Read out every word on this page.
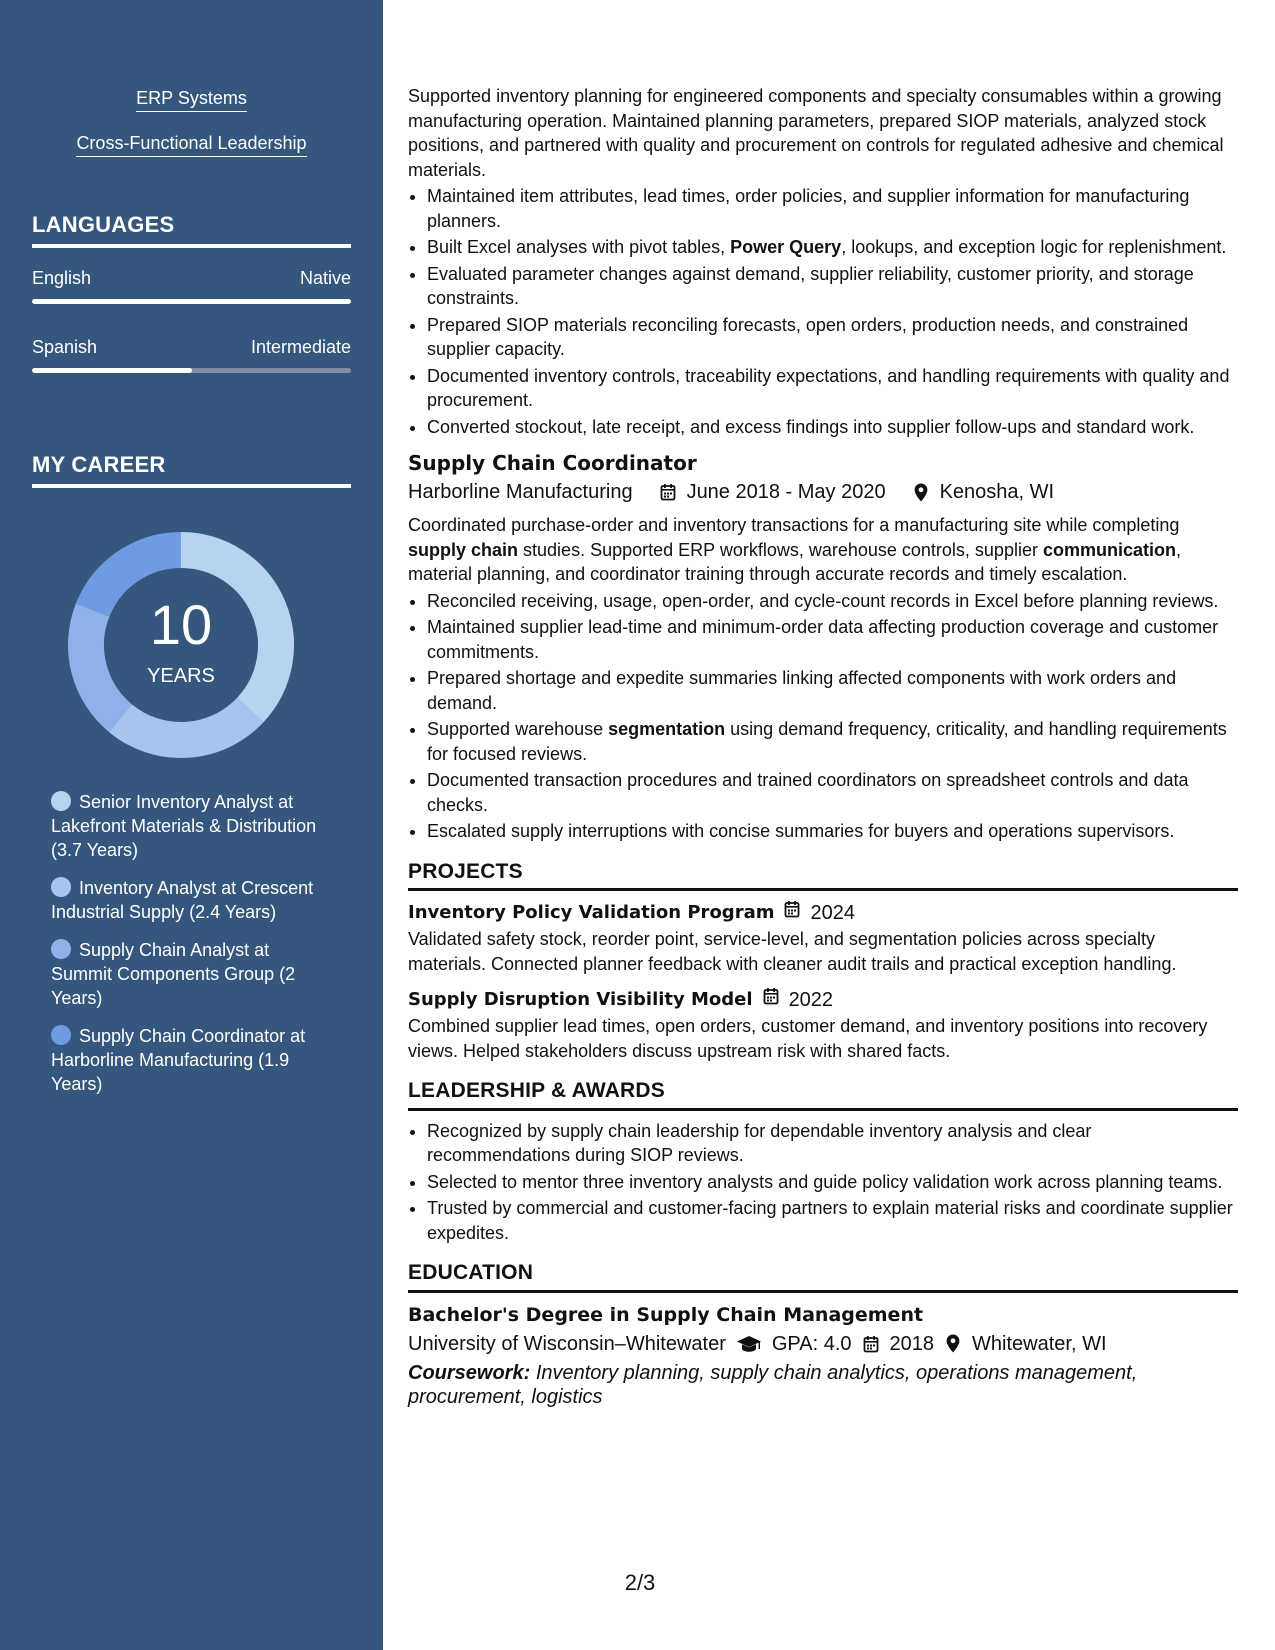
ERP Systems
Cross-Functional Leadership
LANGUAGES
English	Native
Spanish	Intermediate
MY CAREER
10
YEARS
Senior Inventory Analyst at Lakefront Materials & Distribution (3.7 Years)
Inventory Analyst at Crescent Industrial Supply (2.4 Years)
Supply Chain Analyst at Summit Components Group (2 Years)
Supply Chain Coordinator at Harborline Manufacturing (1.9 Years)

Supported inventory planning for engineered components and specialty consumables within a growing manufacturing operation. Maintained planning parameters, prepared SIOP materials, analyzed stock positions, and partnered with quality and procurement on controls for regulated adhesive and chemical materials.

• Maintained item attributes, lead times, order policies, and supplier information for manufacturing planners.
• Built Excel analyses with pivot tables, Power Query, lookups, and exception logic for replenishment.
• Evaluated parameter changes against demand, supplier reliability, customer priority, and storage constraints.
• Prepared SIOP materials reconciling forecasts, open orders, production needs, and constrained supplier capacity.
• Documented inventory controls, traceability expectations, and handling requirements with quality and procurement.
• Converted stockout, late receipt, and excess findings into supplier follow-ups and standard work.
Supply Chain Coordinator
Harborline Manufacturing	June 2018 - May 2020	Kenosha, WI

Coordinated purchase-order and inventory transactions for a manufacturing site while completing supply chain studies. Supported ERP workflows, warehouse controls, supplier communication, material planning, and coordinator training through accurate records and timely escalation.

• Reconciled receiving, usage, open-order, and cycle-count records in Excel before planning reviews.
• Maintained supplier lead-time and minimum-order data affecting production coverage and customer commitments.
• Prepared shortage and expedite summaries linking affected components with work orders and demand.
• Supported warehouse segmentation using demand frequency, criticality, and handling requirements for focused reviews.
• Documented transaction procedures and trained coordinators on spreadsheet controls and data checks.
• Escalated supply interruptions with concise summaries for buyers and operations supervisors.
PROJECTS
Inventory Policy Validation Program 2024

Validated safety stock, reorder point, service-level, and segmentation policies across specialty materials. Connected planner feedback with cleaner audit trails and practical exception handling.

Supply Disruption Visibility Model 2022

Combined supplier lead times, open orders, customer demand, and inventory positions into recovery views. Helped stakeholders discuss upstream risk with shared facts.

LEADERSHIP & AWARDS
• Recognized by supply chain leadership for dependable inventory analysis and clear recommendations during SIOP reviews.
• Selected to mentor three inventory analysts and guide policy validation work across planning teams.
• Trusted by commercial and customer-facing partners to explain material risks and coordinate supplier expedites.
EDUCATION
Bachelor's Degree in Supply Chain Management
University of Wisconsin–Whitewater GPA: 4.0 2018 Whitewater, WI
Coursework: Inventory planning, supply chain analytics, operations management, procurement, logistics
2/3
